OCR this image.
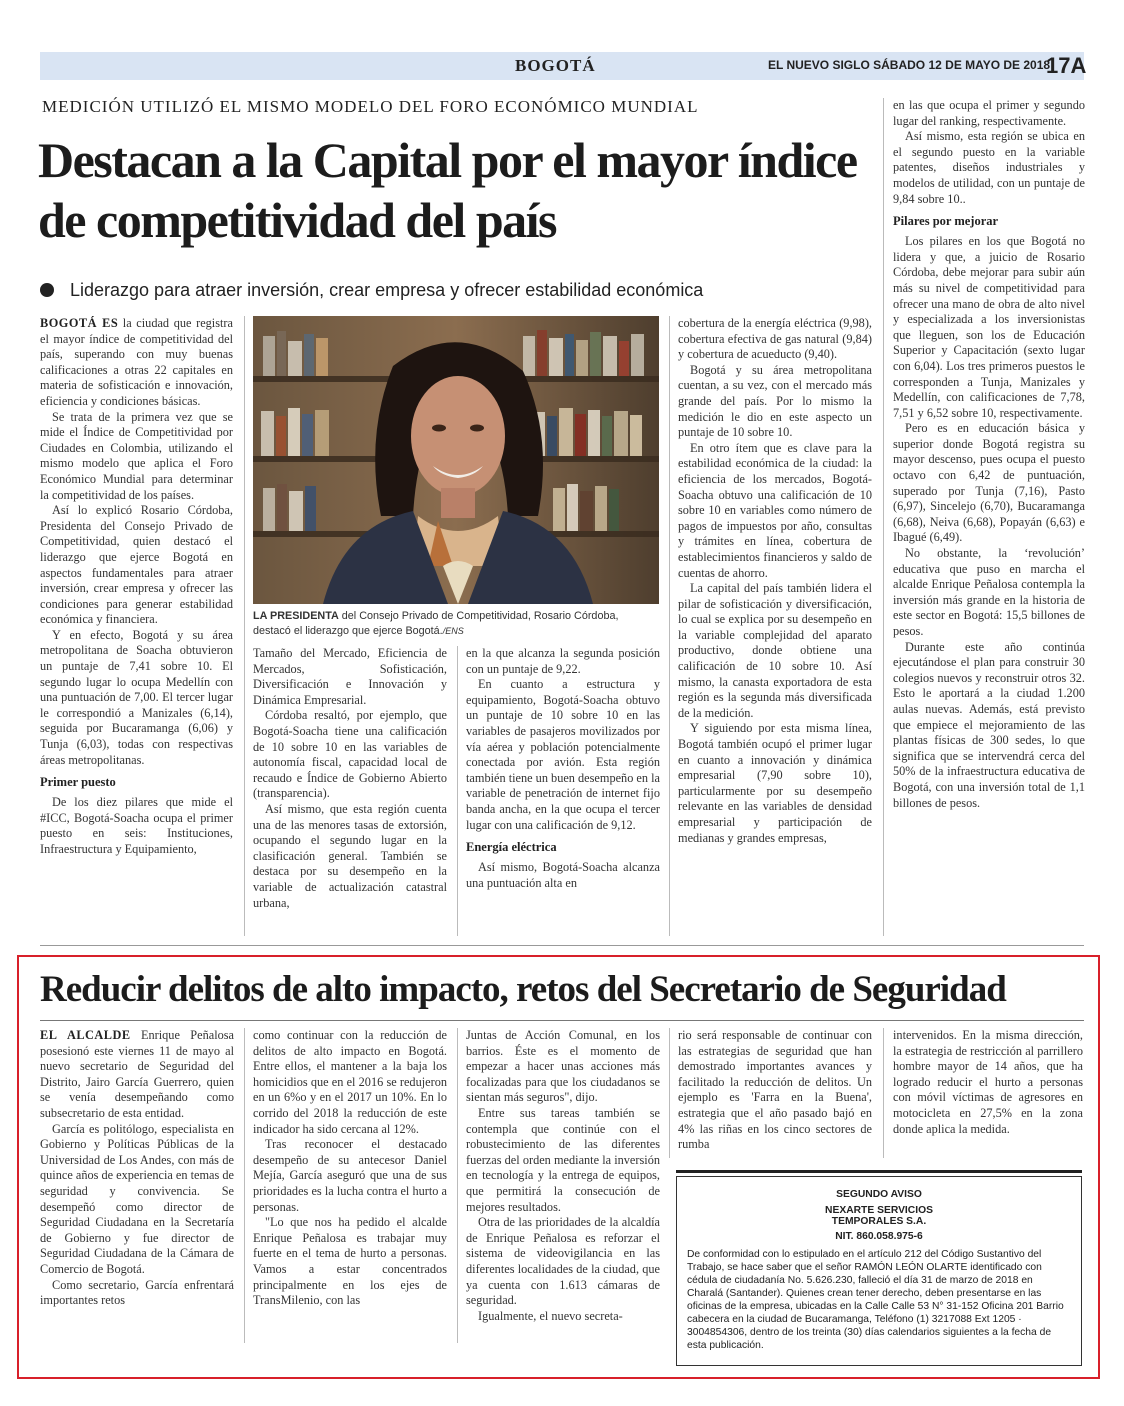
BOGOTÁ	EL NUEVO SIGLO SÁBADO 12 DE MAYO DE 2018
17A
MEDICIÓN UTILIZÓ EL MISMO MODELO DEL FORO ECONÓMICO MUNDIAL
Destacan a la Capital por el mayor índice de competitividad del país
Liderazgo para atraer inversión, crear empresa y ofrecer estabilidad económica

BOGOTÁ ES la ciudad que registra el mayor índice de competitividad del país, superando con muy buenas calificaciones a otras 22 capitales en materia de sofisticación e innovación, eficiencia y condiciones básicas.

Se trata de la primera vez que se mide el Índice de Competitividad por Ciudades en Colombia, utilizando el mismo modelo que aplica el Foro Económico Mundial para determinar la competitividad de los países.

Así lo explicó Rosario Córdoba, Presidenta del Consejo Privado de Competitividad, quien destacó el liderazgo que ejerce Bogotá en aspectos fundamentales para atraer inversión, crear empresa y ofrecer las condiciones para generar estabilidad económica y financiera.

Y en efecto, Bogotá y su área metropolitana de Soacha obtuvieron un puntaje de 7,41 sobre 10. El segundo lugar lo ocupa Medellín con una puntuación de 7,00. El tercer lugar le correspondió a Manizales (6,14), seguida por Bucaramanga (6,06) y Tunja (6,03), todas con respectivas áreas metropolitanas.

Primer puesto

De los diez pilares que mide el #ICC, Bogotá-Soacha ocupa el primer puesto en seis: Instituciones, Infraestructura y Equipamiento,

LA PRESIDENTA del Consejo Privado de Competitividad, Rosario Córdoba, destacó el liderazgo que ejerce Bogotá./ENS

Tamaño del Mercado, Eficiencia de Mercados, Sofisticación, Diversificación e Innovación y Dinámica Empresarial.

Córdoba resaltó, por ejemplo, que Bogotá-Soacha tiene una calificación de 10 sobre 10 en las variables de autonomía fiscal, capacidad local de recaudo e Índice de Gobierno Abierto (transparencia).

Así mismo, que esta región cuenta una de las menores tasas de extorsión, ocupando el segundo lugar en la clasificación general. También se destaca por su desempeño en la variable de actualización catastral urbana,

en la que alcanza la segunda posición con un puntaje de 9,22.

En cuanto a estructura y equipamiento, Bogotá-Soacha obtuvo un puntaje de 10 sobre 10 en las variables de pasajeros movilizados por vía aérea y población potencialmente conectada por avión. Esta región también tiene un buen desempeño en la variable de penetración de internet fijo banda ancha, en la que ocupa el tercer lugar con una calificación de 9,12.

Energía eléctrica

Así mismo, Bogotá-Soacha alcanza una puntuación alta en

cobertura de la energía eléctrica (9,98), cobertura efectiva de gas natural (9,84) y cobertura de acueducto (9,40).

Bogotá y su área metropolitana cuentan, a su vez, con el mercado más grande del país. Por lo mismo la medición le dio en este aspecto un puntaje de 10 sobre 10.

En otro ítem que es clave para la estabilidad económica de la ciudad: la eficiencia de los mercados, Bogotá-Soacha obtuvo una calificación de 10 sobre 10 en variables como número de pagos de impuestos por año, consultas y trámites en línea, cobertura de establecimientos financieros y saldo de cuentas de ahorro.

La capital del país también lidera el pilar de sofisticación y diversificación, lo cual se explica por su desempeño en la variable complejidad del aparato productivo, donde obtiene una calificación de 10 sobre 10. Así mismo, la canasta exportadora de esta región es la segunda más diversificada de la medición.

Y siguiendo por esta misma línea, Bogotá también ocupó el primer lugar en cuanto a innovación y dinámica empresarial (7,90 sobre 10), particularmente por su desempeño relevante en las variables de densidad empresarial y participación de medianas y grandes empresas,

en las que ocupa el primer y segundo lugar del ranking, respectivamente.

Así mismo, esta región se ubica en el segundo puesto en la variable patentes, diseños industriales y modelos de utilidad, con un puntaje de 9,84 sobre 10..

Pilares por mejorar

Los pilares en los que Bogotá no lidera y que, a juicio de Rosario Córdoba, debe mejorar para subir aún más su nivel de competitividad para ofrecer una mano de obra de alto nivel y especializada a los inversionistas que lleguen, son los de Educación Superior y Capacitación (sexto lugar con 6,04). Los tres primeros puestos le corresponden a Tunja, Manizales y Medellín, con calificaciones de 7,78, 7,51 y 6,52 sobre 10, respectivamente.

Pero es en educación básica y superior donde Bogotá registra su mayor descenso, pues ocupa el puesto octavo con 6,42 de puntuación, superado por Tunja (7,16), Pasto (6,97), Sincelejo (6,70), Bucaramanga (6,68), Neiva (6,68), Popayán (6,63) e Ibagué (6,49).

No obstante, la ‘revolución’ educativa que puso en marcha el alcalde Enrique Peñalosa contempla la inversión más grande en la historia de este sector en Bogotá: 15,5 billones de pesos.

Durante este año continúa ejecutándose el plan para construir 30 colegios nuevos y reconstruir otros 32. Esto le aportará a la ciudad 1.200 aulas nuevas. Además, está previsto que empiece el mejoramiento de las plantas físicas de 300 sedes, lo que significa que se intervendrá cerca del 50% de la infraestructura educativa de Bogotá, con una inversión total de 1,1 billones de pesos.

Reducir delitos de alto impacto, retos del Secretario de Seguridad

EL ALCALDE Enrique Peñalosa posesionó este viernes 11 de mayo al nuevo secretario de Seguridad del Distrito, Jairo García Guerrero, quien se venía desempeñando como subsecretario de esta entidad.

García es politólogo, especialista en Gobierno y Políticas Públicas de la Universidad de Los Andes, con más de quince años de experiencia en temas de seguridad y convivencia. Se desempeñó como director de Seguridad Ciudadana en la Secretaría de Gobierno y fue director de Seguridad Ciudadana de la Cámara de Comercio de Bogotá.

Como secretario, García enfrentará importantes retos

como continuar con la reducción de delitos de alto impacto en Bogotá. Entre ellos, el mantener a la baja los homicidios que en el 2016 se redujeron en un 6%o y en el 2017 un 10%. En lo corrido del 2018 la reducción de este indicador ha sido cercana al 12%.

Tras reconocer el destacado desempeño de su antecesor Daniel Mejía, García aseguró que una de sus prioridades es la lucha contra el hurto a personas.

"Lo que nos ha pedido el alcalde Enrique Peñalosa es trabajar muy fuerte en el tema de hurto a personas. Vamos a estar concentrados principalmente en los ejes de TransMilenio, con las

Juntas de Acción Comunal, en los barrios. Éste es el momento de empezar a hacer unas acciones más focalizadas para que los ciudadanos se sientan más seguros", dijo.

Entre sus tareas también se contempla que continúe con el robustecimiento de las diferentes fuerzas del orden mediante la inversión en tecnología y la entrega de equipos, que permitirá la consecución de mejores resultados.

Otra de las prioridades de la alcaldía de Enrique Peñalosa es reforzar el sistema de videovigilancia en las diferentes localidades de la ciudad, que ya cuenta con 1.613 cámaras de seguridad.

Igualmente, el nuevo secreta-

rio será responsable de continuar con las estrategias de seguridad que han demostrado importantes avances y facilitado la reducción de delitos. Un ejemplo es 'Farra en la Buena', estrategia que el año pasado bajó en 4% las riñas en los cinco sectores de rumba

intervenidos. En la misma dirección, la estrategia de restricción al parrillero hombre mayor de 14 años, que ha logrado reducir el hurto a personas con móvil víctimas de agresores en motocicleta en 27,5% en la zona donde aplica la medida.

SEGUNDO AVISO
NEXARTE SERVICIOS
TEMPORALES S.A.
NIT. 860.058.975-6
De conformidad con lo estipulado en el artículo 212 del Código Sustantivo del Trabajo, se hace saber que el señor RAMÓN LEÓN OLARTE identificado con cédula de ciudadanía No. 5.626.230, falleció el día 31 de marzo de 2018 en Charalá (Santander). Quienes crean tener derecho, deben presentarse en las oficinas de la empresa, ubicadas en la Calle Calle 53 N° 31-152 Oficina 201 Barrio cabecera en la ciudad de Bucaramanga, Teléfono (1) 3217088 Ext 1205 · 3004854306, dentro de los treinta (30) días calendarios siguientes a la fecha de esta publicación.
